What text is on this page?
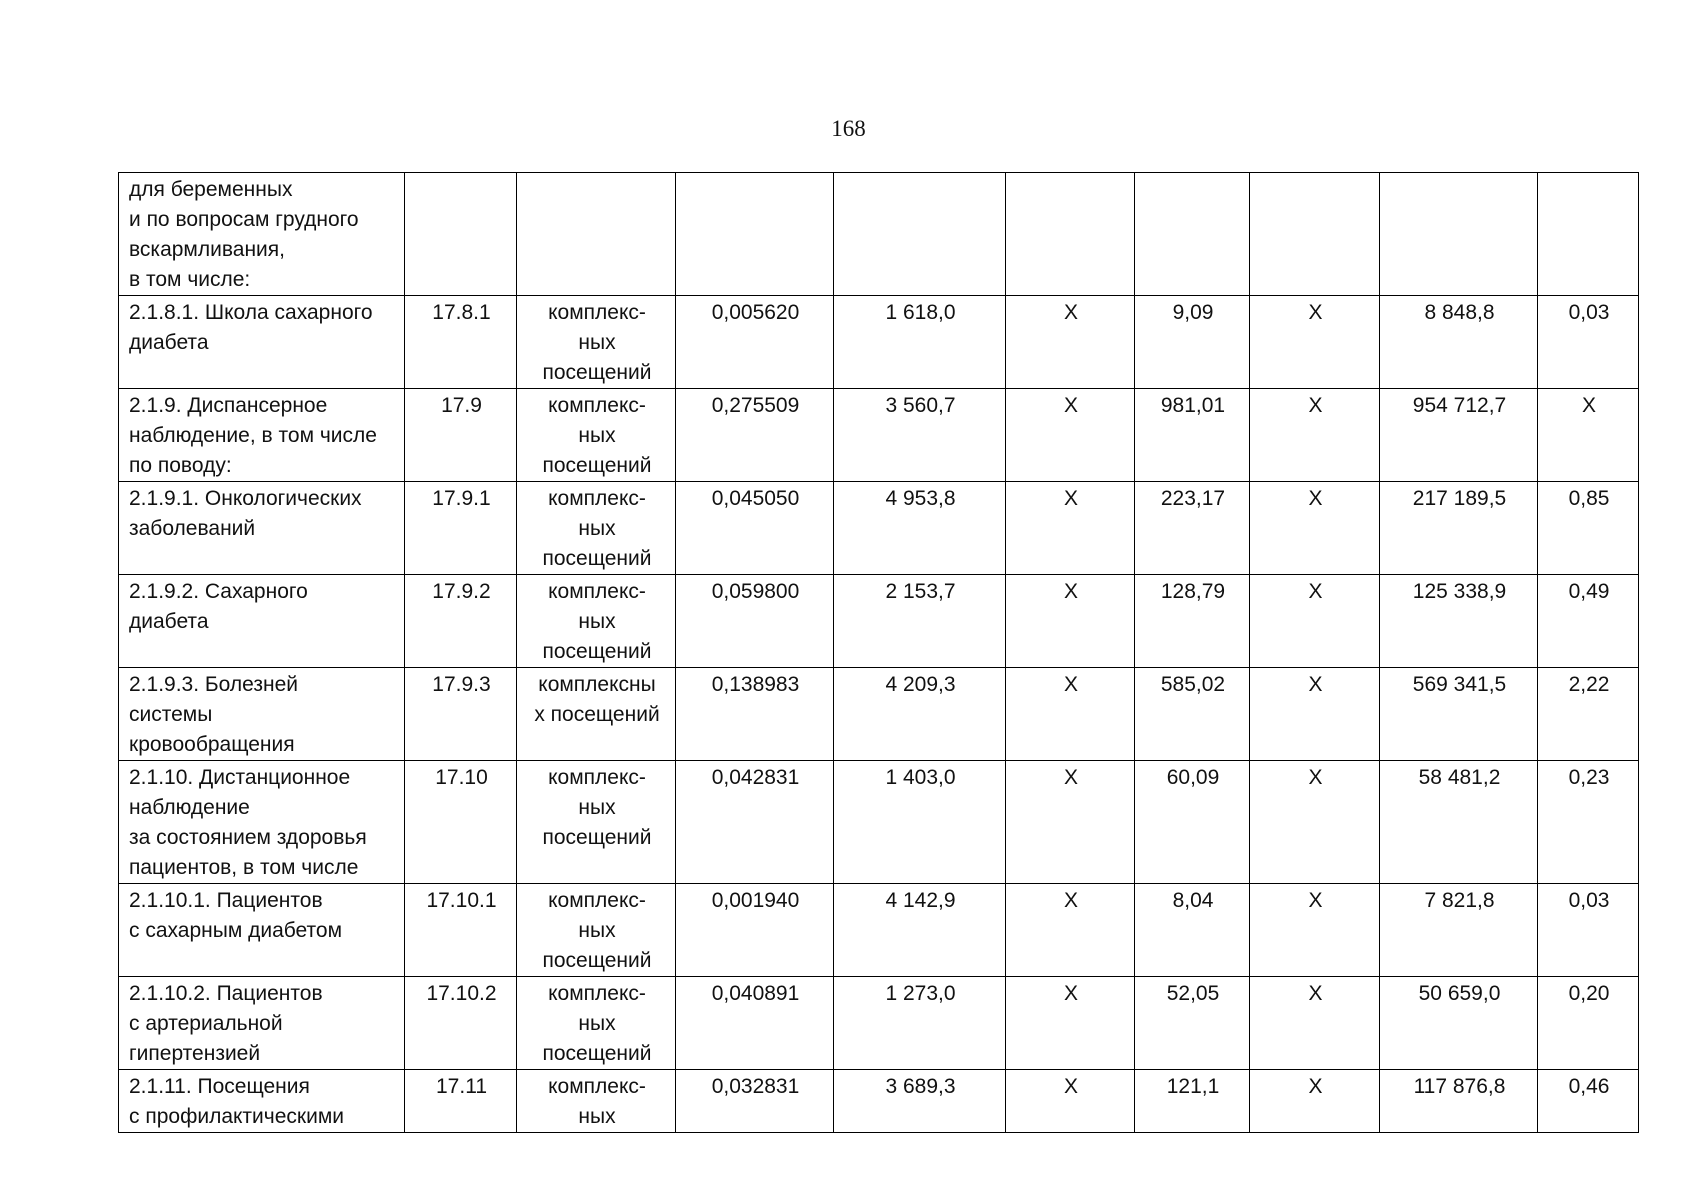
168
для беременных
и по вопросам грудного
вскармливания,
в том числе:									

2.1.8.1. Школа сахарного
диабета	17.8.1	комплекс-
ных
посещений	0,005620	1 618,0	X	9,09	X	8 848,8	0,03

2.1.9. Диспансерное
наблюдение, в том числе
по поводу:	17.9	комплекс-
ных
посещений	0,275509	3 560,7	X	981,01	X	954 712,7	X

2.1.9.1. Онкологических
заболеваний	17.9.1	комплекс-
ных
посещений	0,045050	4 953,8	X	223,17	X	217 189,5	0,85

2.1.9.2. Сахарного
диабета	17.9.2	комплекс-
ных
посещений	0,059800	2 153,7	X	128,79	X	125 338,9	0,49

2.1.9.3. Болезней
системы
кровообращения	17.9.3	комплексны
х посещений	0,138983	4 209,3	X	585,02	X	569 341,5	2,22

2.1.10. Дистанционное
наблюдение
за состоянием здоровья
пациентов, в том числе	17.10	комплекс-
ных
посещений	0,042831	1 403,0	X	60,09	X	58 481,2	0,23

2.1.10.1. Пациентов
с сахарным диабетом	17.10.1	комплекс-
ных
посещений	0,001940	4 142,9	X	8,04	X	7 821,8	0,03

2.1.10.2. Пациентов
с артериальной
гипертензией	17.10.2	комплекс-
ных
посещений	0,040891	1 273,0	X	52,05	X	50 659,0	0,20

2.1.11. Посещения
с профилактическими	17.11	комплекс-
ных	0,032831	3 689,3	X	121,1	X	117 876,8	0,46
